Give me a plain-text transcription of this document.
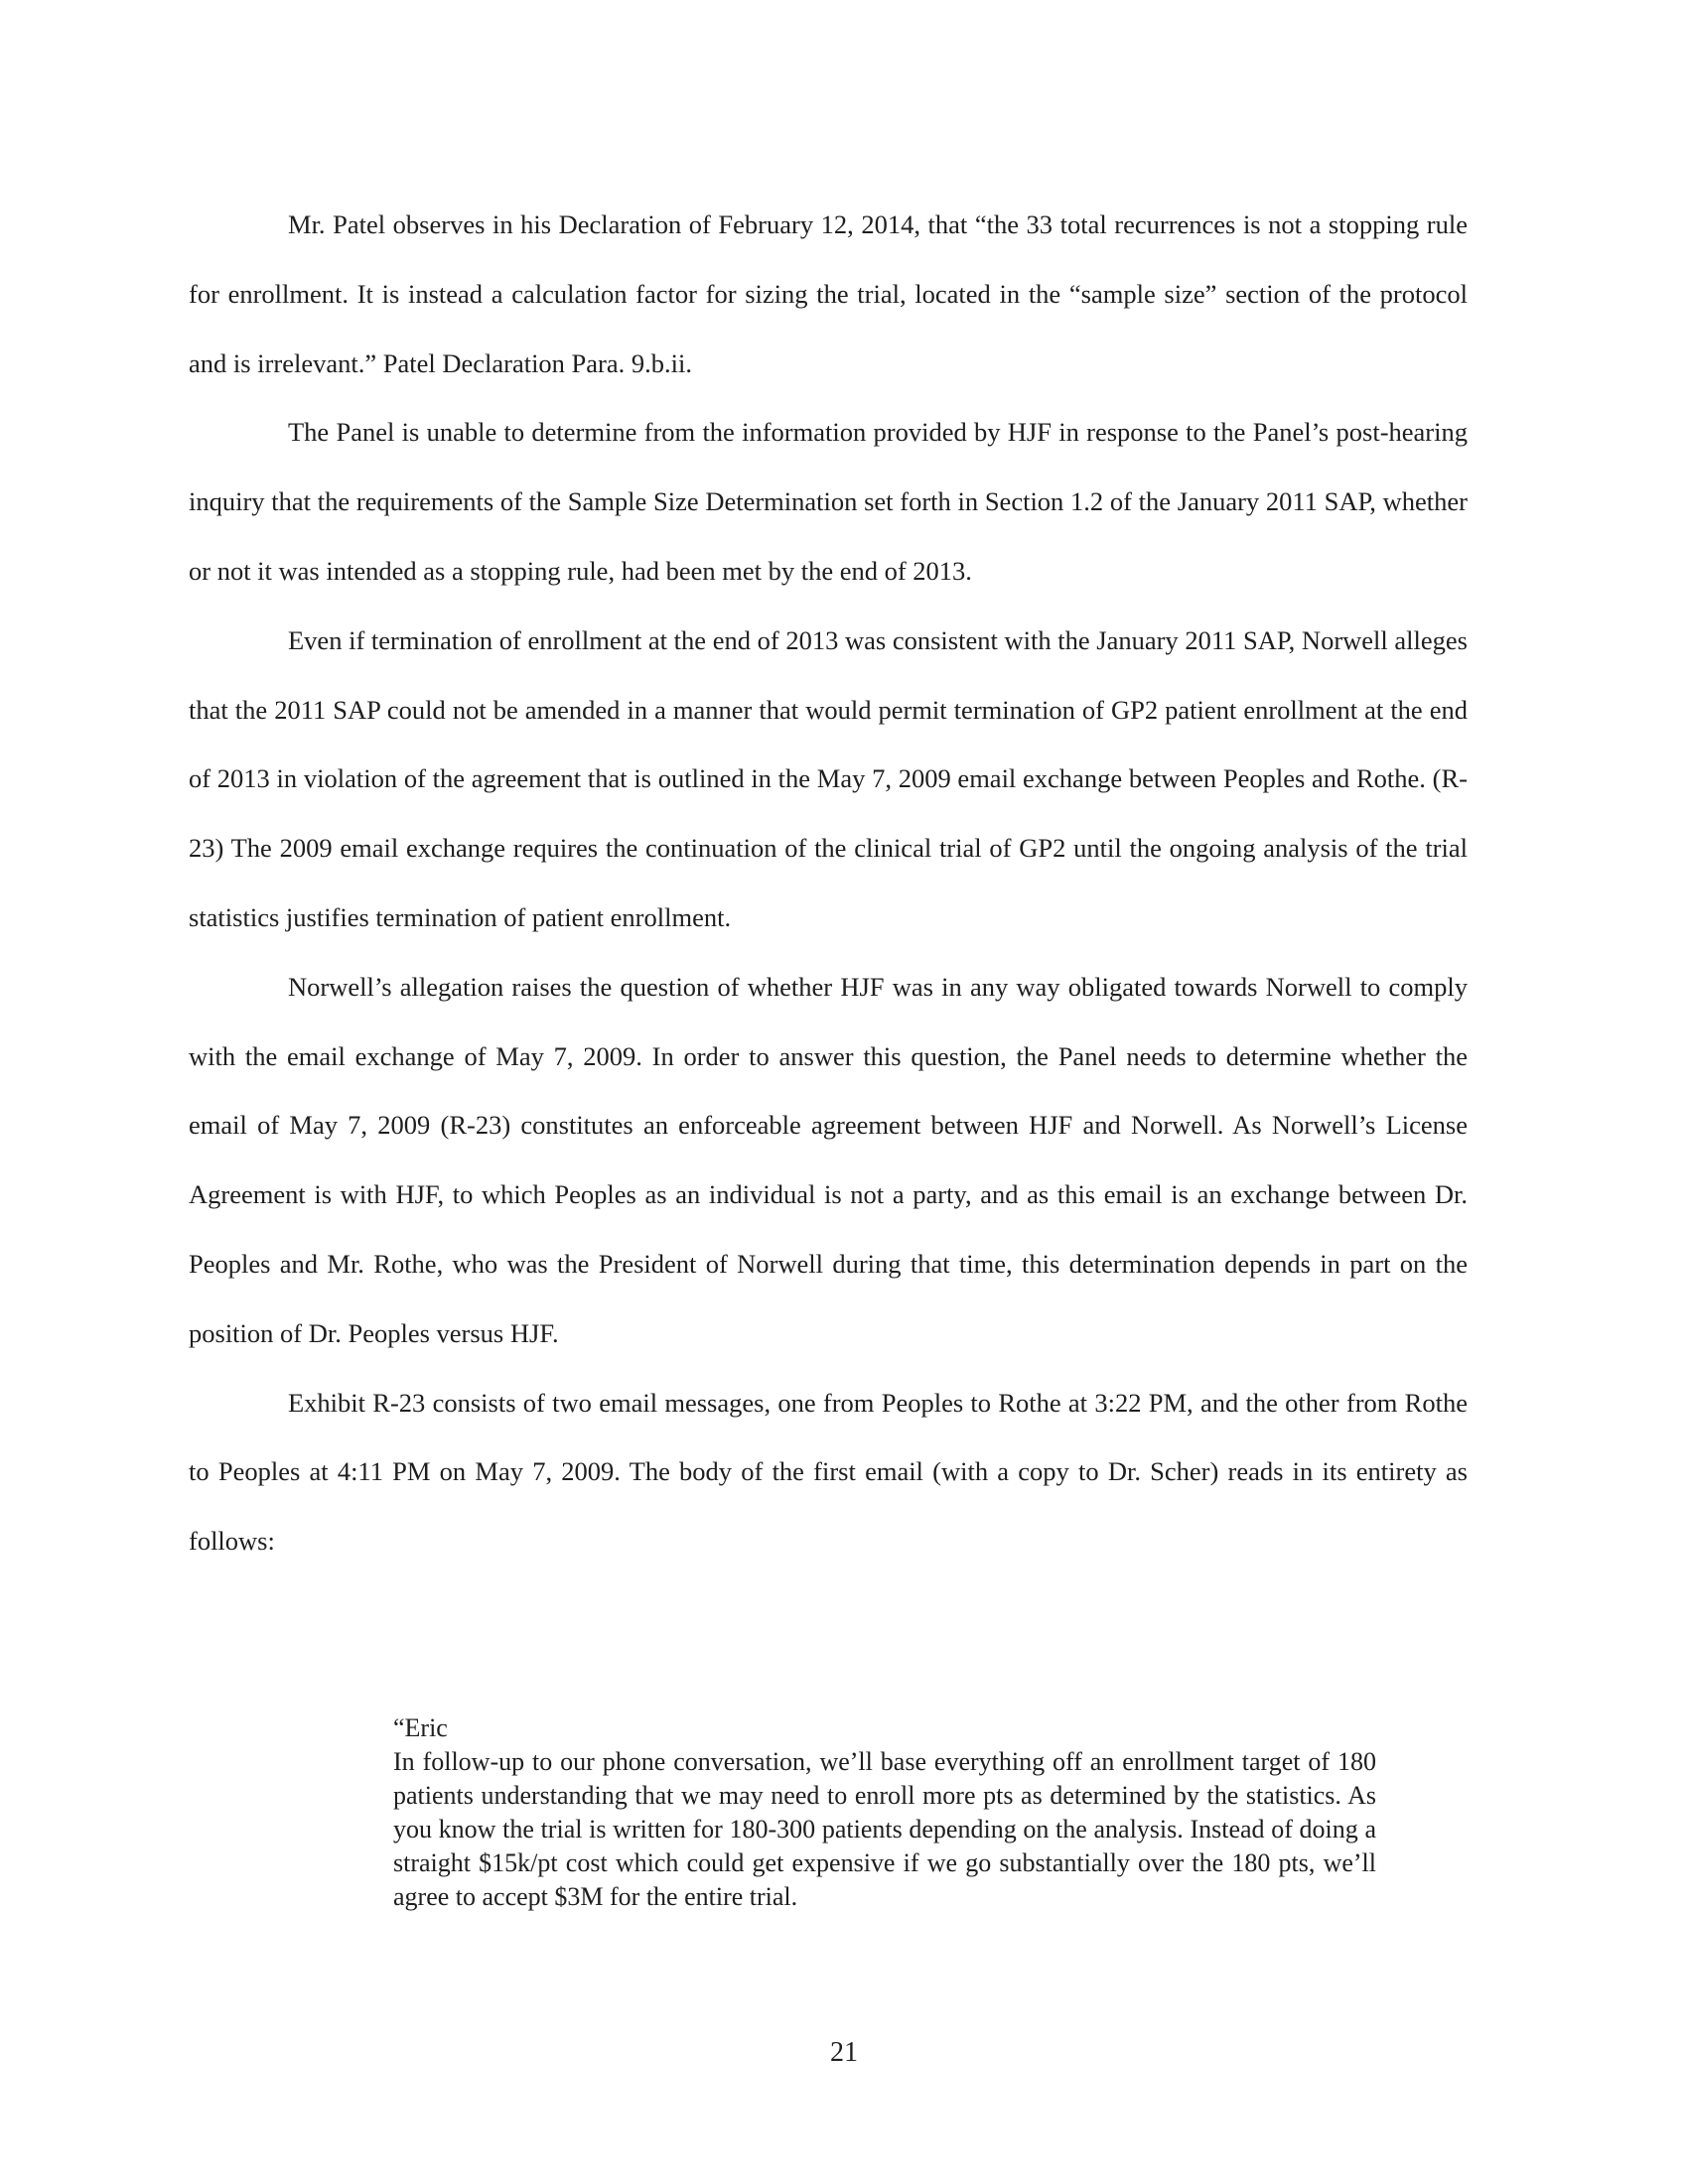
Mr. Patel observes in his Declaration of February 12, 2014, that “the 33 total recurrences is not a stopping rule for enrollment. It is instead a calculation factor for sizing the trial, located in the “sample size” section of the protocol and is irrelevant.” Patel Declaration Para. 9.b.ii.

The Panel is unable to determine from the information provided by HJF in response to the Panel’s post-hearing inquiry that the requirements of the Sample Size Determination set forth in Section 1.2 of the January 2011 SAP, whether or not it was intended as a stopping rule, had been met by the end of 2013.

Even if termination of enrollment at the end of 2013 was consistent with the January 2011 SAP, Norwell alleges that the 2011 SAP could not be amended in a manner that would permit termination of GP2 patient enrollment at the end of 2013 in violation of the agreement that is outlined in the May 7, 2009 email exchange between Peoples and Rothe. (R-23) The 2009 email exchange requires the continuation of the clinical trial of GP2 until the ongoing analysis of the trial statistics justifies termination of patient enrollment.

Norwell’s allegation raises the question of whether HJF was in any way obligated towards Norwell to comply with the email exchange of May 7, 2009. In order to answer this question, the Panel needs to determine whether the email of May 7, 2009 (R-23) constitutes an enforceable agreement between HJF and Norwell. As Norwell’s License Agreement is with HJF, to which Peoples as an individual is not a party, and as this email is an exchange between Dr. Peoples and Mr. Rothe, who was the President of Norwell during that time, this determination depends in part on the position of Dr. Peoples versus HJF.

Exhibit R-23 consists of two email messages, one from Peoples to Rothe at 3:22 PM, and the other from Rothe to Peoples at 4:11 PM on May 7, 2009. The body of the first email (with a copy to Dr. Scher) reads in its entirety as follows:

“Eric
In follow-up to our phone conversation, we’ll base everything off an enrollment target of 180 patients understanding that we may need to enroll more pts as determined by the statistics. As you know the trial is written for 180-300 patients depending on the analysis. Instead of doing a straight $15k/pt cost which could get expensive if we go substantially over the 180 pts, we’ll agree to accept $3M for the entire trial.
21
